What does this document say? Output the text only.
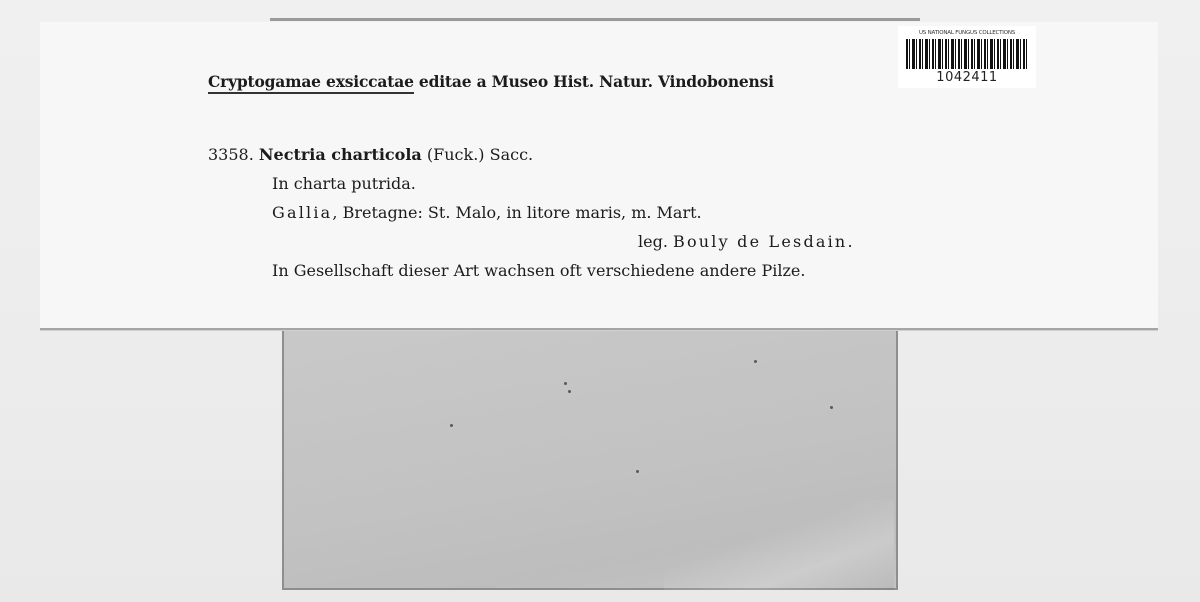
Cryptogamae exsiccatae editae a Museo Hist. Natur. Vindobonensi
3358. Nectria charticola (Fuck.) Sacc.
In charta putrida.
Gallia, Bretagne: St. Malo, in litore maris, m. Mart.
leg. Bouly de Lesdain.
In Gesellschaft dieser Art wachsen oft verschiedene andere Pilze.
US NATIONAL FUNGUS COLLECTIONS
1042411
